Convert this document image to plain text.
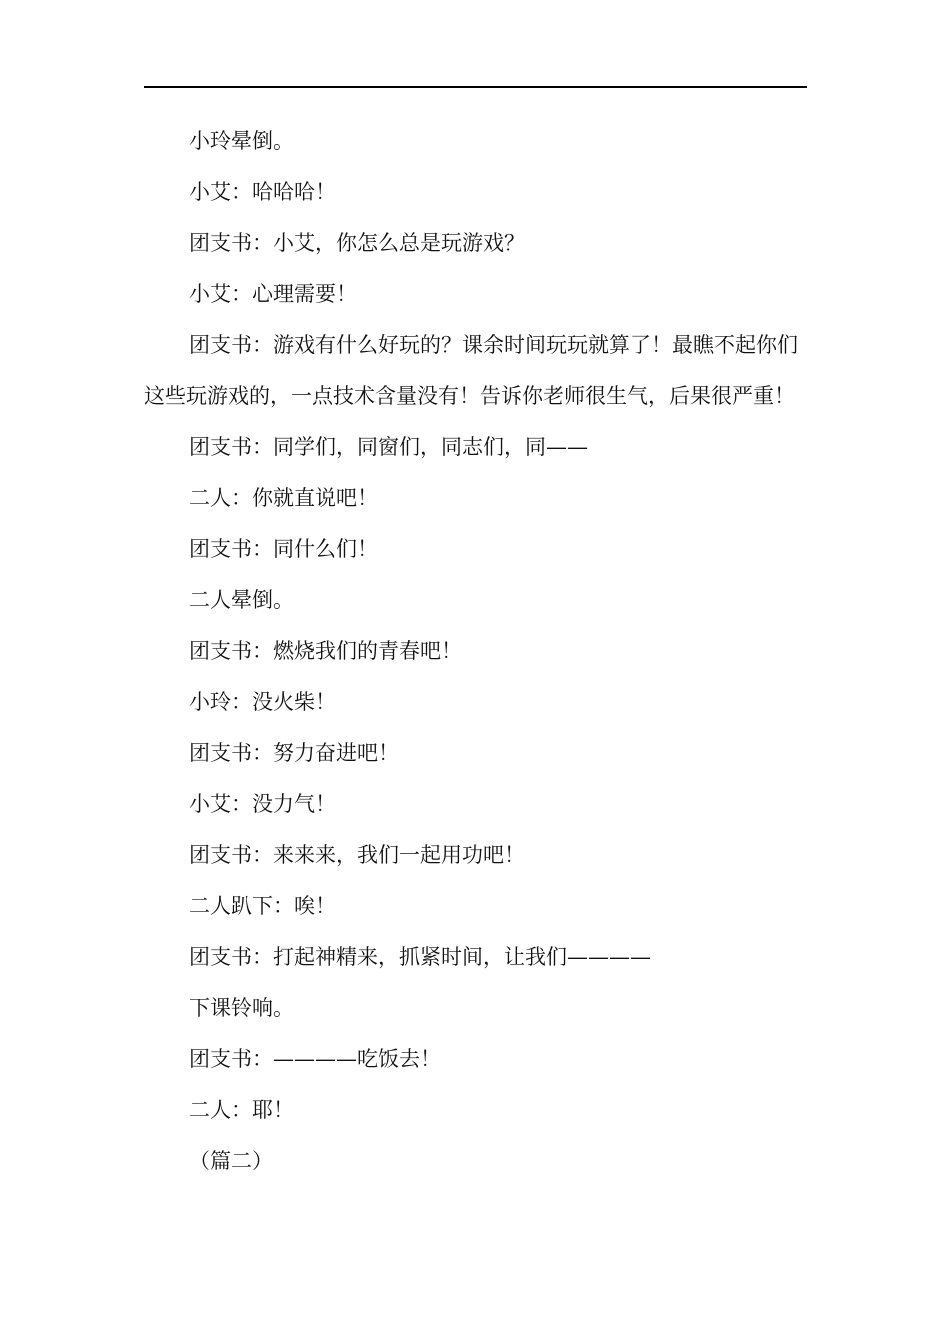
小玲晕倒。

小艾：哈哈哈！

团支书：小艾，你怎么总是玩游戏？

小艾：心理需要！

团支书：游戏有什么好玩的？课余时间玩玩就算了！最瞧不起你们这些玩游戏的，一点技术含量没有！告诉你老师很生气，后果很严重！

团支书：同学们，同窗们，同志们，同——

二人：你就直说吧！

团支书：同什么们！

二人晕倒。

团支书：燃烧我们的青春吧！

小玲：没火柴！

团支书：努力奋进吧！

小艾：没力气！

团支书：来来来，我们一起用功吧！

二人趴下：唉！

团支书：打起神精来，抓紧时间，让我们————

下课铃响。

团支书：————吃饭去！

二人：耶！

（篇二）
